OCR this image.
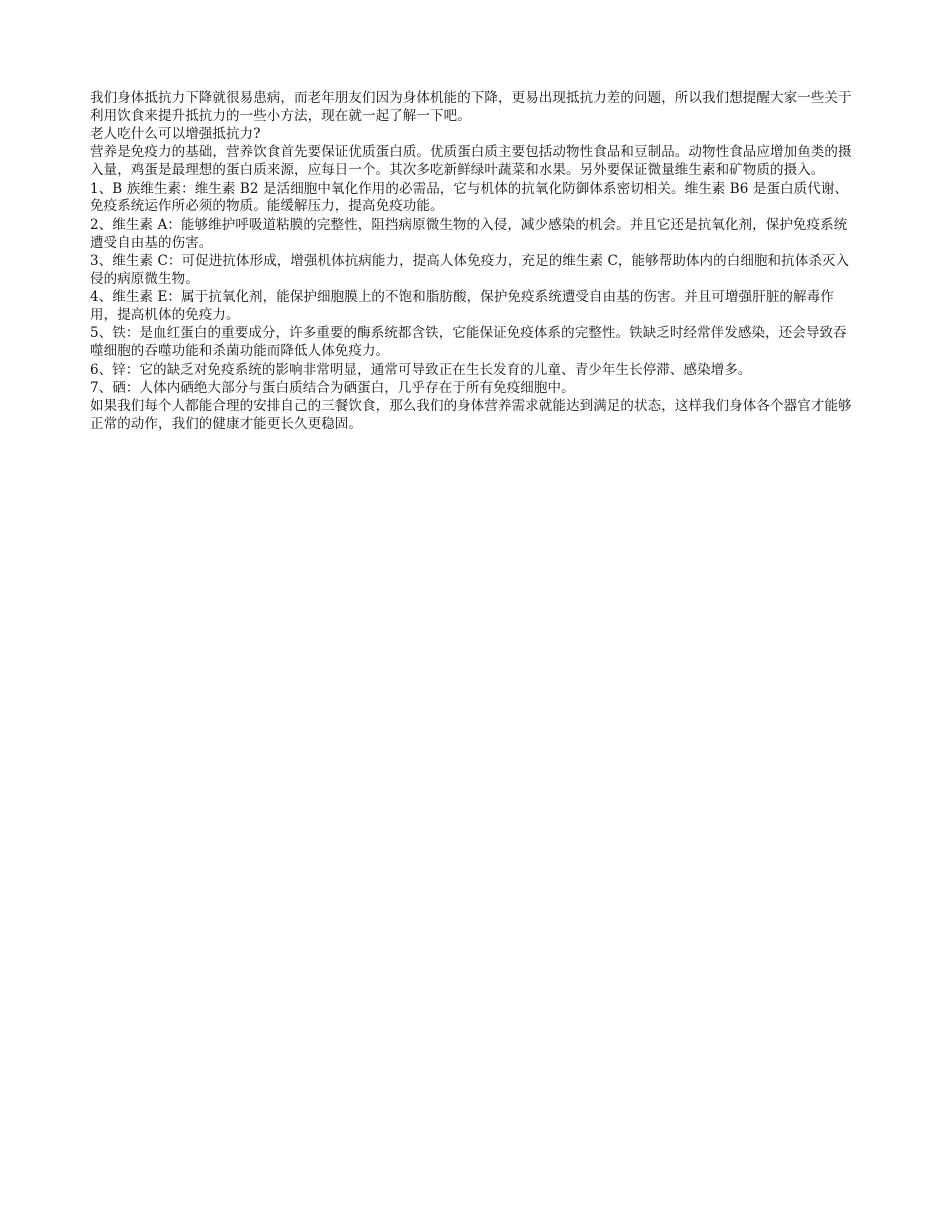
我们身体抵抗力下降就很易患病，而老年朋友们因为身体机能的下降，更易出现抵抗力差的问题，所以我们想提醒大家一些关于利用饮食来提升抵抗力的一些小方法，现在就一起了解一下吧。

老人吃什么可以增强抵抗力?

营养是免疫力的基础，营养饮食首先要保证优质蛋白质。优质蛋白质主要包括动物性食品和豆制品。动物性食品应增加鱼类的摄入量，鸡蛋是最理想的蛋白质来源，应每日一个。其次多吃新鲜绿叶蔬菜和水果。另外要保证微量维生素和矿物质的摄入。

1、B 族维生素：维生素 B2 是活细胞中氧化作用的必需品，它与机体的抗氧化防御体系密切相关。维生素 B6 是蛋白质代谢、免疫系统运作所必须的物质。能缓解压力，提高免疫功能。

2、维生素 A：能够维护呼吸道粘膜的完整性，阻挡病原微生物的入侵，减少感染的机会。并且它还是抗氧化剂，保护免疫系统遭受自由基的伤害。

3、维生素 C：可促进抗体形成，增强机体抗病能力，提高人体免疫力，充足的维生素 C，能够帮助体内的白细胞和抗体杀灭入侵的病原微生物。

4、维生素 E：属于抗氧化剂，能保护细胞膜上的不饱和脂肪酸，保护免疫系统遭受自由基的伤害。并且可增强肝脏的解毒作用，提高机体的免疫力。

5、铁：是血红蛋白的重要成分，许多重要的酶系统都含铁，它能保证免疫体系的完整性。铁缺乏时经常伴发感染，还会导致吞噬细胞的吞噬功能和杀菌功能而降低人体免疫力。

6、锌：它的缺乏对免疫系统的影响非常明显，通常可导致正在生长发育的儿童、青少年生长停滞、感染增多。

7、硒：人体内硒绝大部分与蛋白质结合为硒蛋白，几乎存在于所有免疫细胞中。

如果我们每个人都能合理的安排自己的三餐饮食，那么我们的身体营养需求就能达到满足的状态，这样我们身体各个器官才能够正常的动作，我们的健康才能更长久更稳固。
